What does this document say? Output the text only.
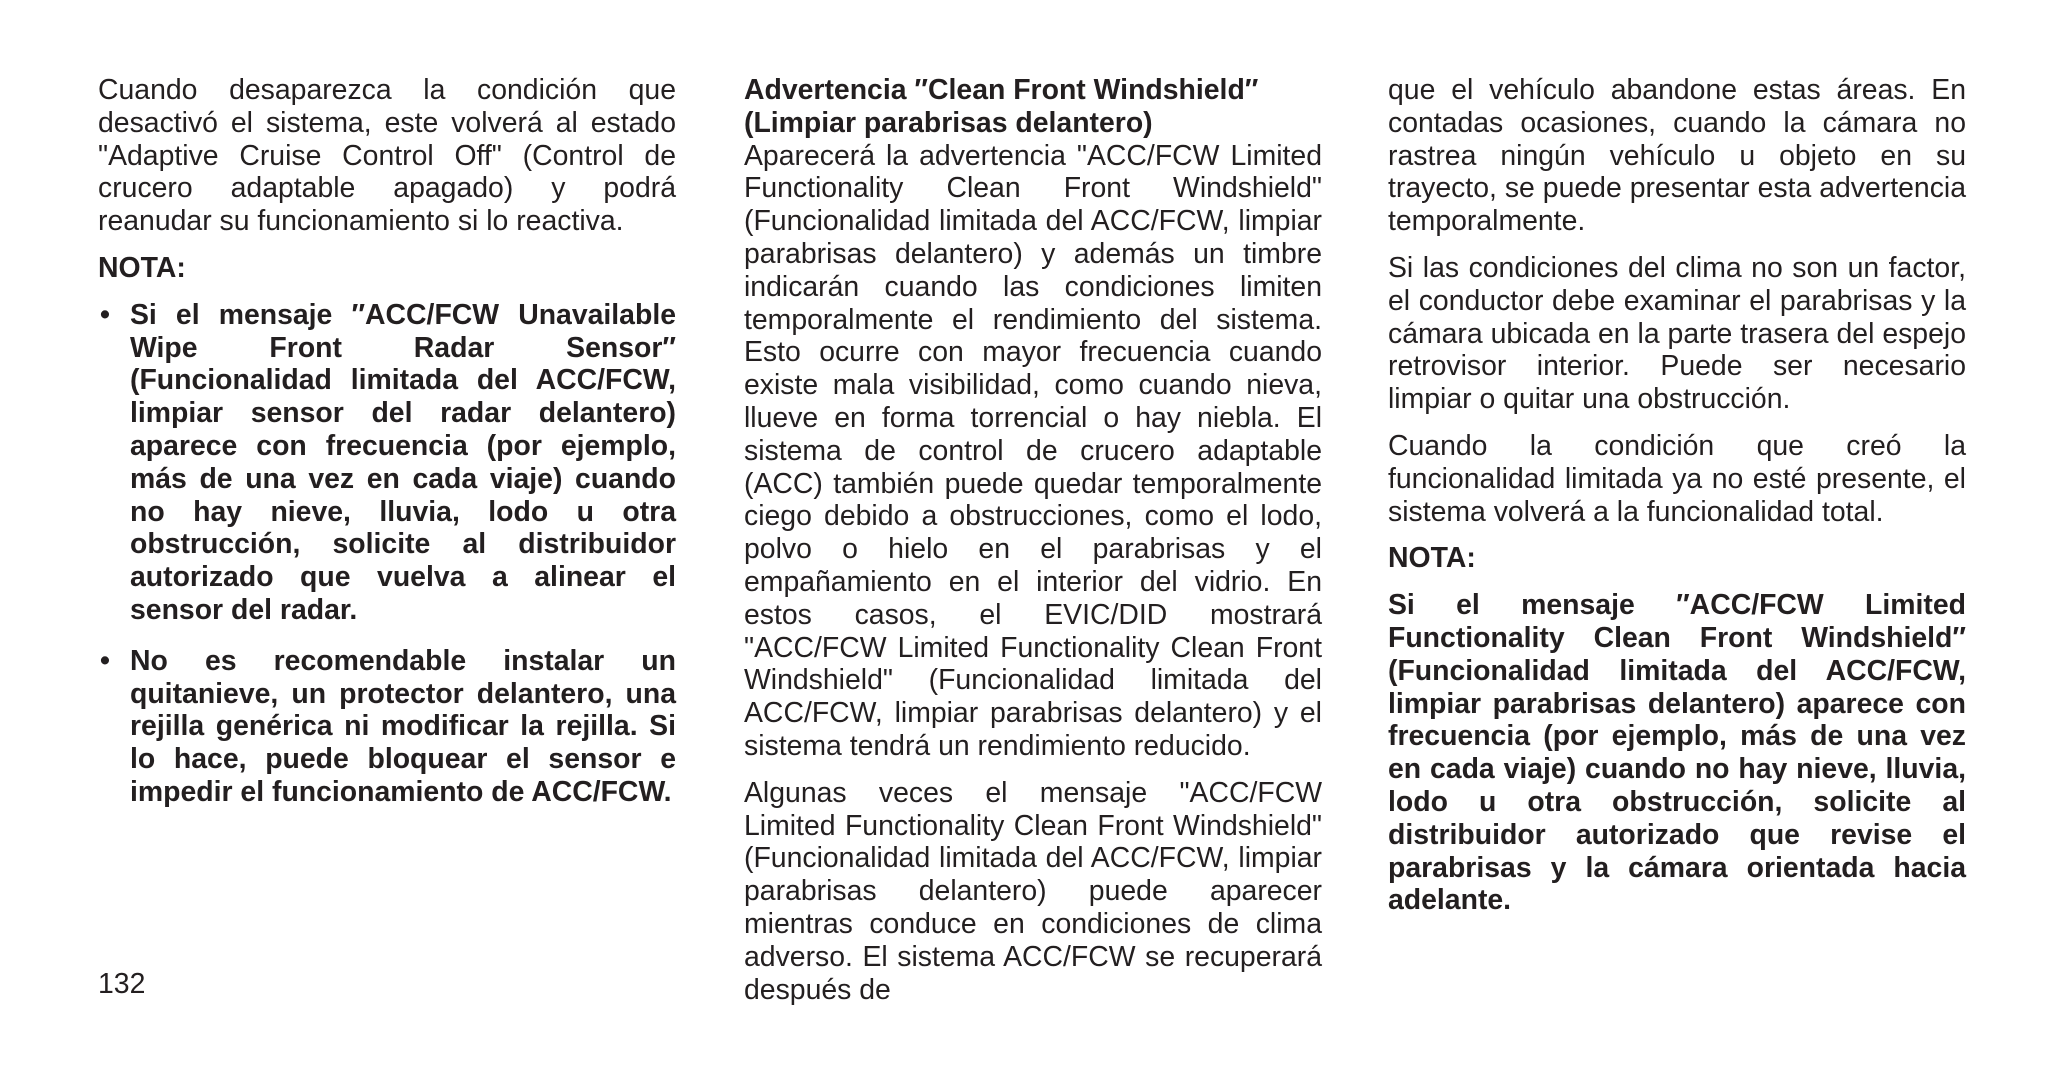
Cuando desaparezca la condición que desactivó el sistema, este volverá al estado "Adaptive Cruise Control Off" (Control de crucero adaptable apagado) y podrá reanudar su funcionamiento si lo reactiva.

NOTA:

• Si el mensaje ″ACC/FCW Unavailable Wipe Front Radar Sensor″ (Funcionalidad limitada del ACC/FCW, limpiar sensor del radar delantero) aparece con frecuencia (por ejemplo, más de una vez en cada viaje) cuando no hay nieve, lluvia, lodo u otra obstrucción, solicite al distribuidor autorizado que vuelva a alinear el sensor del radar.
• No es recomendable instalar un quitanieve, un protector delantero, una rejilla genérica ni modificar la rejilla. Si lo hace, puede bloquear el sensor e impedir el funcionamiento de ACC/FCW.
Advertencia ″Clean Front Windshield″
(Limpiar parabrisas delantero)

Aparecerá la advertencia "ACC/FCW Limited Functionality Clean Front Windshield" (Funcionalidad limitada del ACC/FCW, limpiar parabrisas delantero) y además un timbre indicarán cuando las condiciones limiten temporalmente el rendimiento del sistema. Esto ocurre con mayor frecuencia cuando existe mala visibilidad, como cuando nieva, llueve en forma torrencial o hay niebla. El sistema de control de crucero adaptable (ACC) también puede quedar temporalmente ciego debido a obstrucciones, como el lodo, polvo o hielo en el parabrisas y el empañamiento en el interior del vidrio. En estos casos, el EVIC/DID mostrará "ACC/FCW Limited Functionality Clean Front Windshield" (Funcionalidad limitada del ACC/FCW, limpiar parabrisas delantero) y el sistema tendrá un rendimiento reducido.

Algunas veces el mensaje "ACC/FCW Limited Functionality Clean Front Windshield" (Funcionalidad limitada del ACC/FCW, limpiar parabrisas delantero) puede aparecer mientras conduce en condiciones de clima adverso. El sistema ACC/FCW se recuperará después de

que el vehículo abandone estas áreas. En contadas ocasiones, cuando la cámara no rastrea ningún vehículo u objeto en su trayecto, se puede presentar esta advertencia temporalmente.

Si las condiciones del clima no son un factor, el conductor debe examinar el parabrisas y la cámara ubicada en la parte trasera del espejo retrovisor interior. Puede ser necesario limpiar o quitar una obstrucción.

Cuando la condición que creó la funcionalidad limitada ya no esté presente, el sistema volverá a la funcionalidad total.

NOTA:

Si el mensaje ″ACC/FCW Limited Functionality Clean Front Windshield″ (Funcionalidad limitada del ACC/FCW, limpiar parabrisas delantero) aparece con frecuencia (por ejemplo, más de una vez en cada viaje) cuando no hay nieve, lluvia, lodo u otra obstrucción, solicite al distribuidor autorizado que revise el parabrisas y la cámara orientada hacia adelante.

132
